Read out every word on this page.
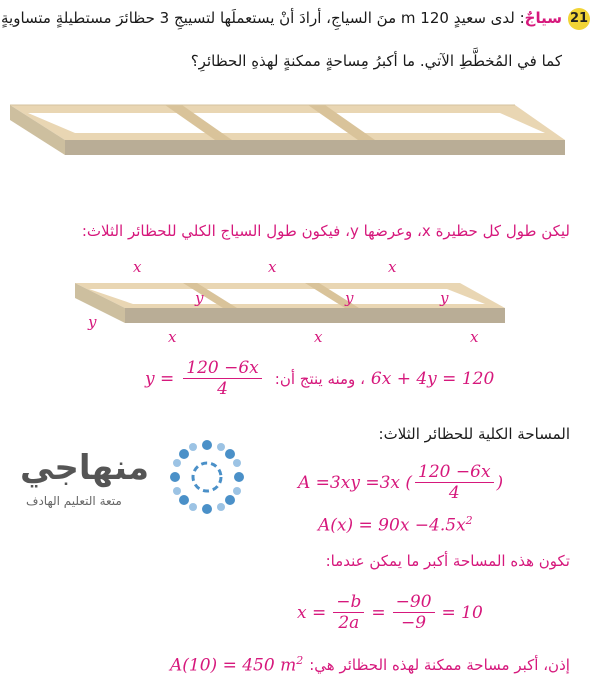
21
سياجٌ: لدى سعيدٍ 120 m منَ السياجِ، أرادَ أنْ يستعملَها لتسييجِ 3 حظائرَ مستطيلةٍ متساويةٍ
كما في المُخطَّطِ الآتي. ما أكبرُ مِساحةٍ ممكنةٍ لهذهِ الحظائرِ؟
ليكن طول كل حظيرة x، وعرضها y، فيكون طول السياج الكلي للحظائر الثلاث:
x	x	x
y	y	y
y
x	x	x
$y = \frac{120 -6x}{4}$ ، ومنه ينتج أن: 6x + 4y = 120
المساحة الكلية للحظائر الثلاث:
منهاجي
متعة التعليم الهادف
A =3xy =3x ( $\frac{120 -6x}{4}$ )
$A(x) = 90x -4.5x^2$
تكون هذه المساحة أكبر ما يمكن عندما:
$x = \frac{-b}{2a} = \frac{-90}{-9} = 10$
A(10) = 450 $m^2$ إذن، أكبر مساحة ممكنة لهذه الحظائر هي:
